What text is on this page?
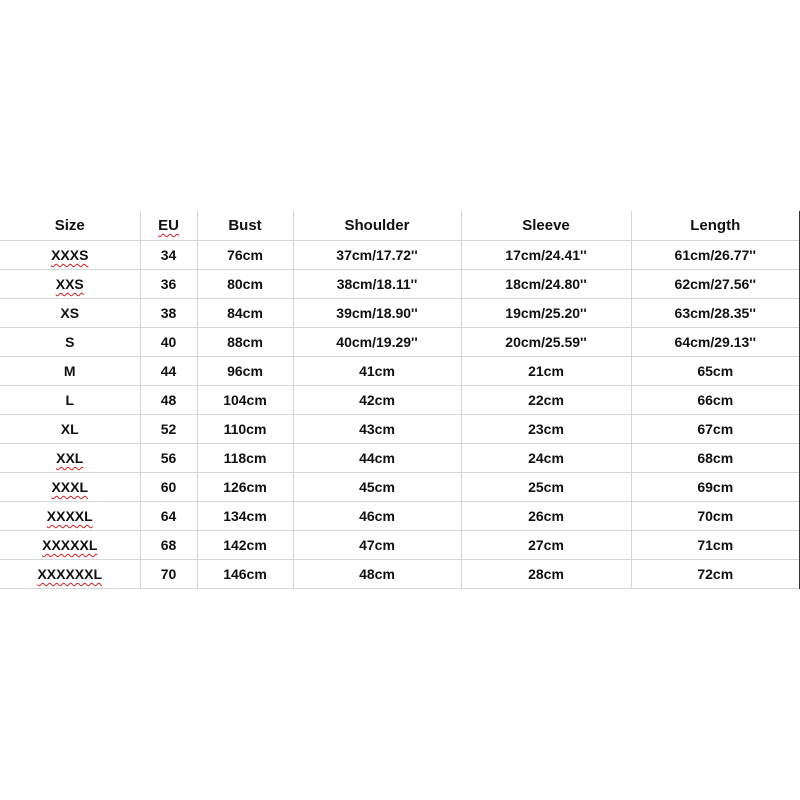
Size	EU	Bust	Shoulder	Sleeve	Length
XXXS	34	76cm	37cm/17.72''	17cm/24.41''	61cm/26.77''
XXS	36	80cm	38cm/18.11''	18cm/24.80''	62cm/27.56''
XS	38	84cm	39cm/18.90''	19cm/25.20''	63cm/28.35''
S	40	88cm	40cm/19.29''	20cm/25.59''	64cm/29.13''
M	44	96cm	41cm	21cm	65cm
L	48	104cm	42cm	22cm	66cm
XL	52	110cm	43cm	23cm	67cm
XXL	56	118cm	44cm	24cm	68cm
XXXL	60	126cm	45cm	25cm	69cm
XXXXL	64	134cm	46cm	26cm	70cm
XXXXXL	68	142cm	47cm	27cm	71cm
XXXXXXL	70	146cm	48cm	28cm	72cm
